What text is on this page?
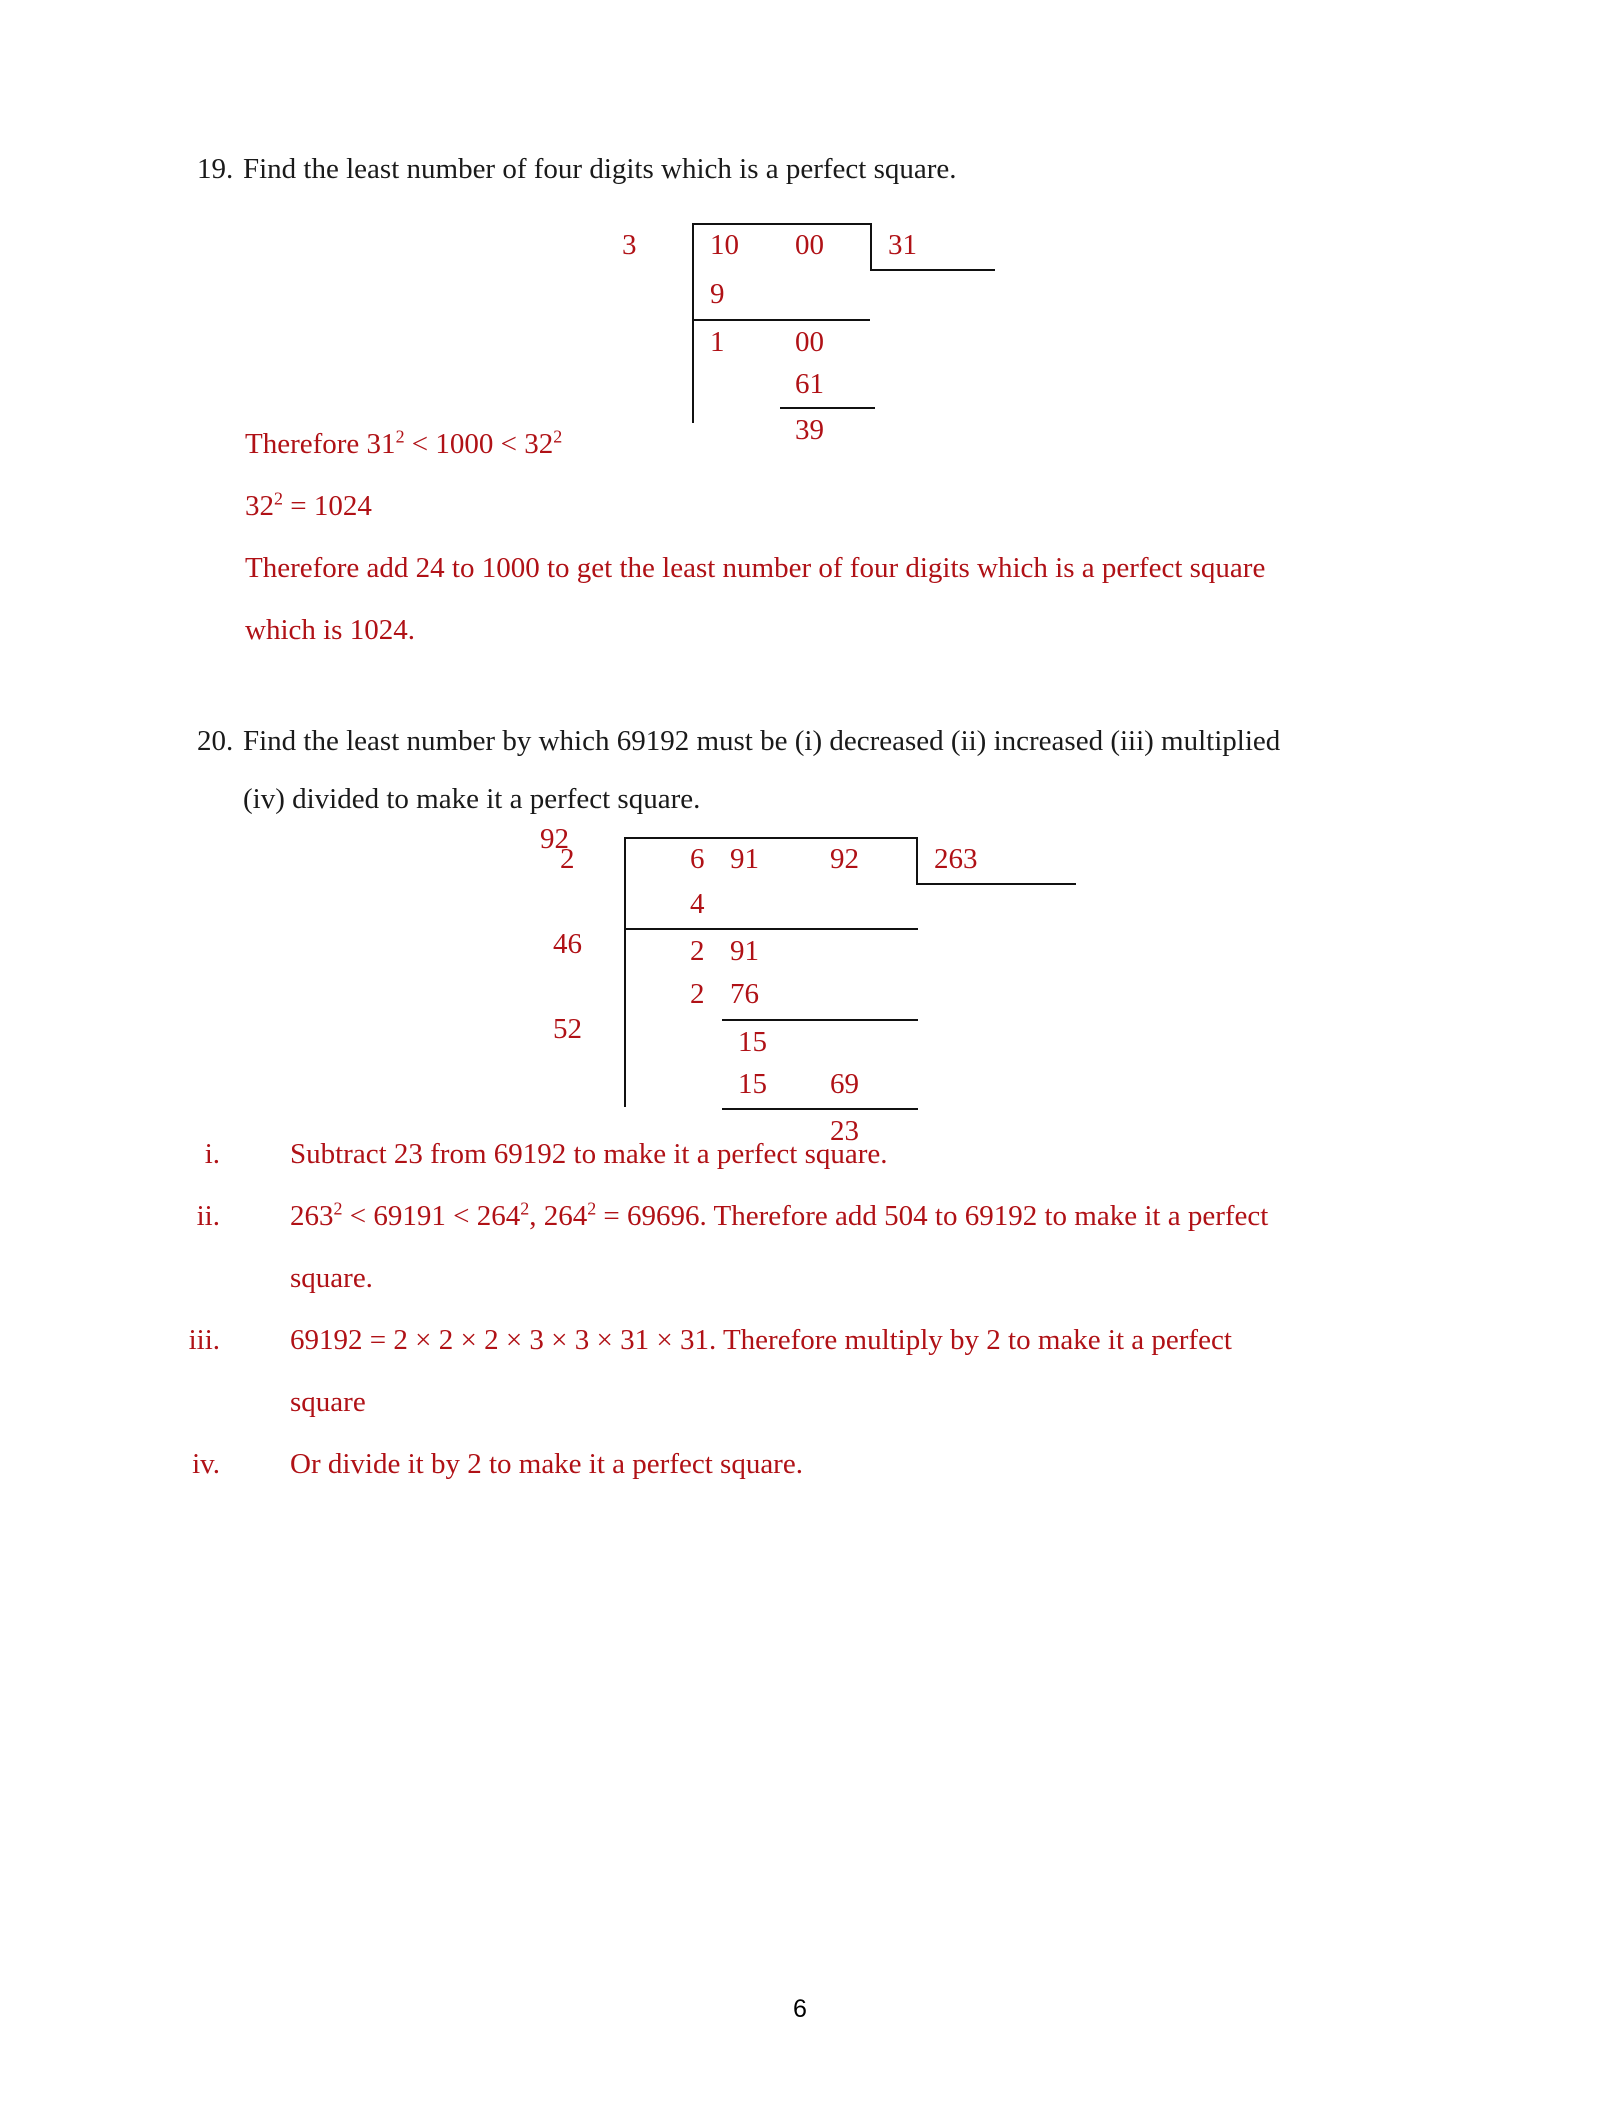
19. Find the least number of four digits which is a perfect square.
3	10 00 31
9
1 00
61
39
Therefore $31^2 < 1000 < 32^2$
$32^2 = 1024$
Therefore add 24 to 1000 to get the least number of four digits which is a perfect square
which is 1024.
20. Find the least number by which 69192 must be (i) decreased (ii) increased (iii) multiplied
(iv) divided to make it a perfect square.
2
46
52
6 91 92	263
4
2 91
2 76
15
92
15 69
23
i. Subtract 23 from 69192 to make it a perfect square.
ii. $263^2 < 69191 < 264^2$, $264^2 = 69696$. Therefore add 504 to 69192 to make it a perfect
square.
iii. 69192 = 2 × 2 × 2 × 3 × 3 × 31 × 31. Therefore multiply by 2 to make it a perfect
square
iv. Or divide it by 2 to make it a perfect square.
6
